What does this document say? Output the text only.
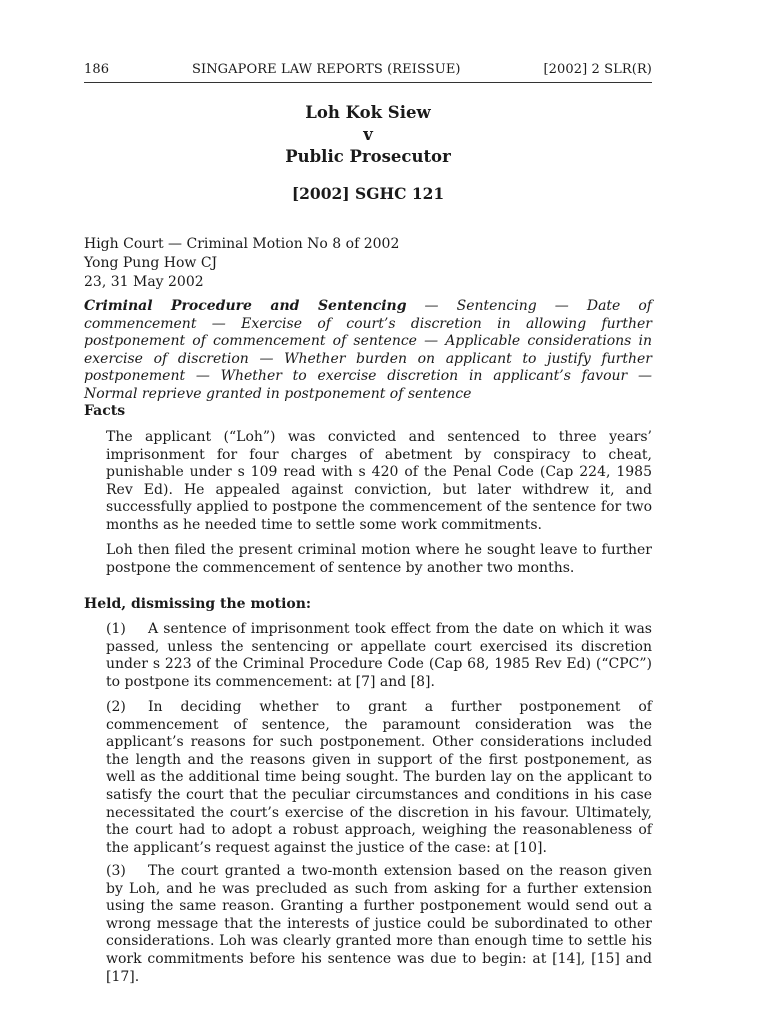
186	SINGAPORE LAW REPORTS (REISSUE)	[2002] 2 SLR(R)
Loh Kok Siew
v
Public Prosecutor
[2002] SGHC 121
High Court — Criminal Motion No 8 of 2002
Yong Pung How CJ
23, 31 May 2002
Criminal Procedure and Sentencing — Sentencing — Date of commencement — Exercise of court’s discretion in allowing further postponement of commencement of sentence — Applicable considerations in exercise of discretion — Whether burden on applicant to justify further postponement — Whether to exercise discretion in applicant’s favour — Normal reprieve granted in postponement of sentence
Facts
The applicant (“Loh”) was convicted and sentenced to three years’ imprisonment for four charges of abetment by conspiracy to cheat, punishable under s 109 read with s 420 of the Penal Code (Cap 224, 1985 Rev Ed). He appealed against conviction, but later withdrew it, and successfully applied to postpone the commencement of the sentence for two months as he needed time to settle some work commitments.
Loh then filed the present criminal motion where he sought leave to further postpone the commencement of sentence by another two months.
Held, dismissing the motion:
(1) A sentence of imprisonment took effect from the date on which it was passed, unless the sentencing or appellate court exercised its discretion under s 223 of the Criminal Procedure Code (Cap 68, 1985 Rev Ed) (“CPC”) to postpone its commencement: at [7] and [8].
(2) In deciding whether to grant a further postponement of commencement of sentence, the paramount consideration was the applicant’s reasons for such postponement. Other considerations included the length and the reasons given in support of the first postponement, as well as the additional time being sought. The burden lay on the applicant to satisfy the court that the peculiar circumstances and conditions in his case necessitated the court’s exercise of the discretion in his favour. Ultimately, the court had to adopt a robust approach, weighing the reasonableness of the applicant’s request against the justice of the case: at [10].
(3) The court granted a two-month extension based on the reason given by Loh, and he was precluded as such from asking for a further extension using the same reason. Granting a further postponement would send out a wrong message that the interests of justice could be subordinated to other considerations. Loh was clearly granted more than enough time to settle his work commitments before his sentence was due to begin: at [14], [15] and [17].
